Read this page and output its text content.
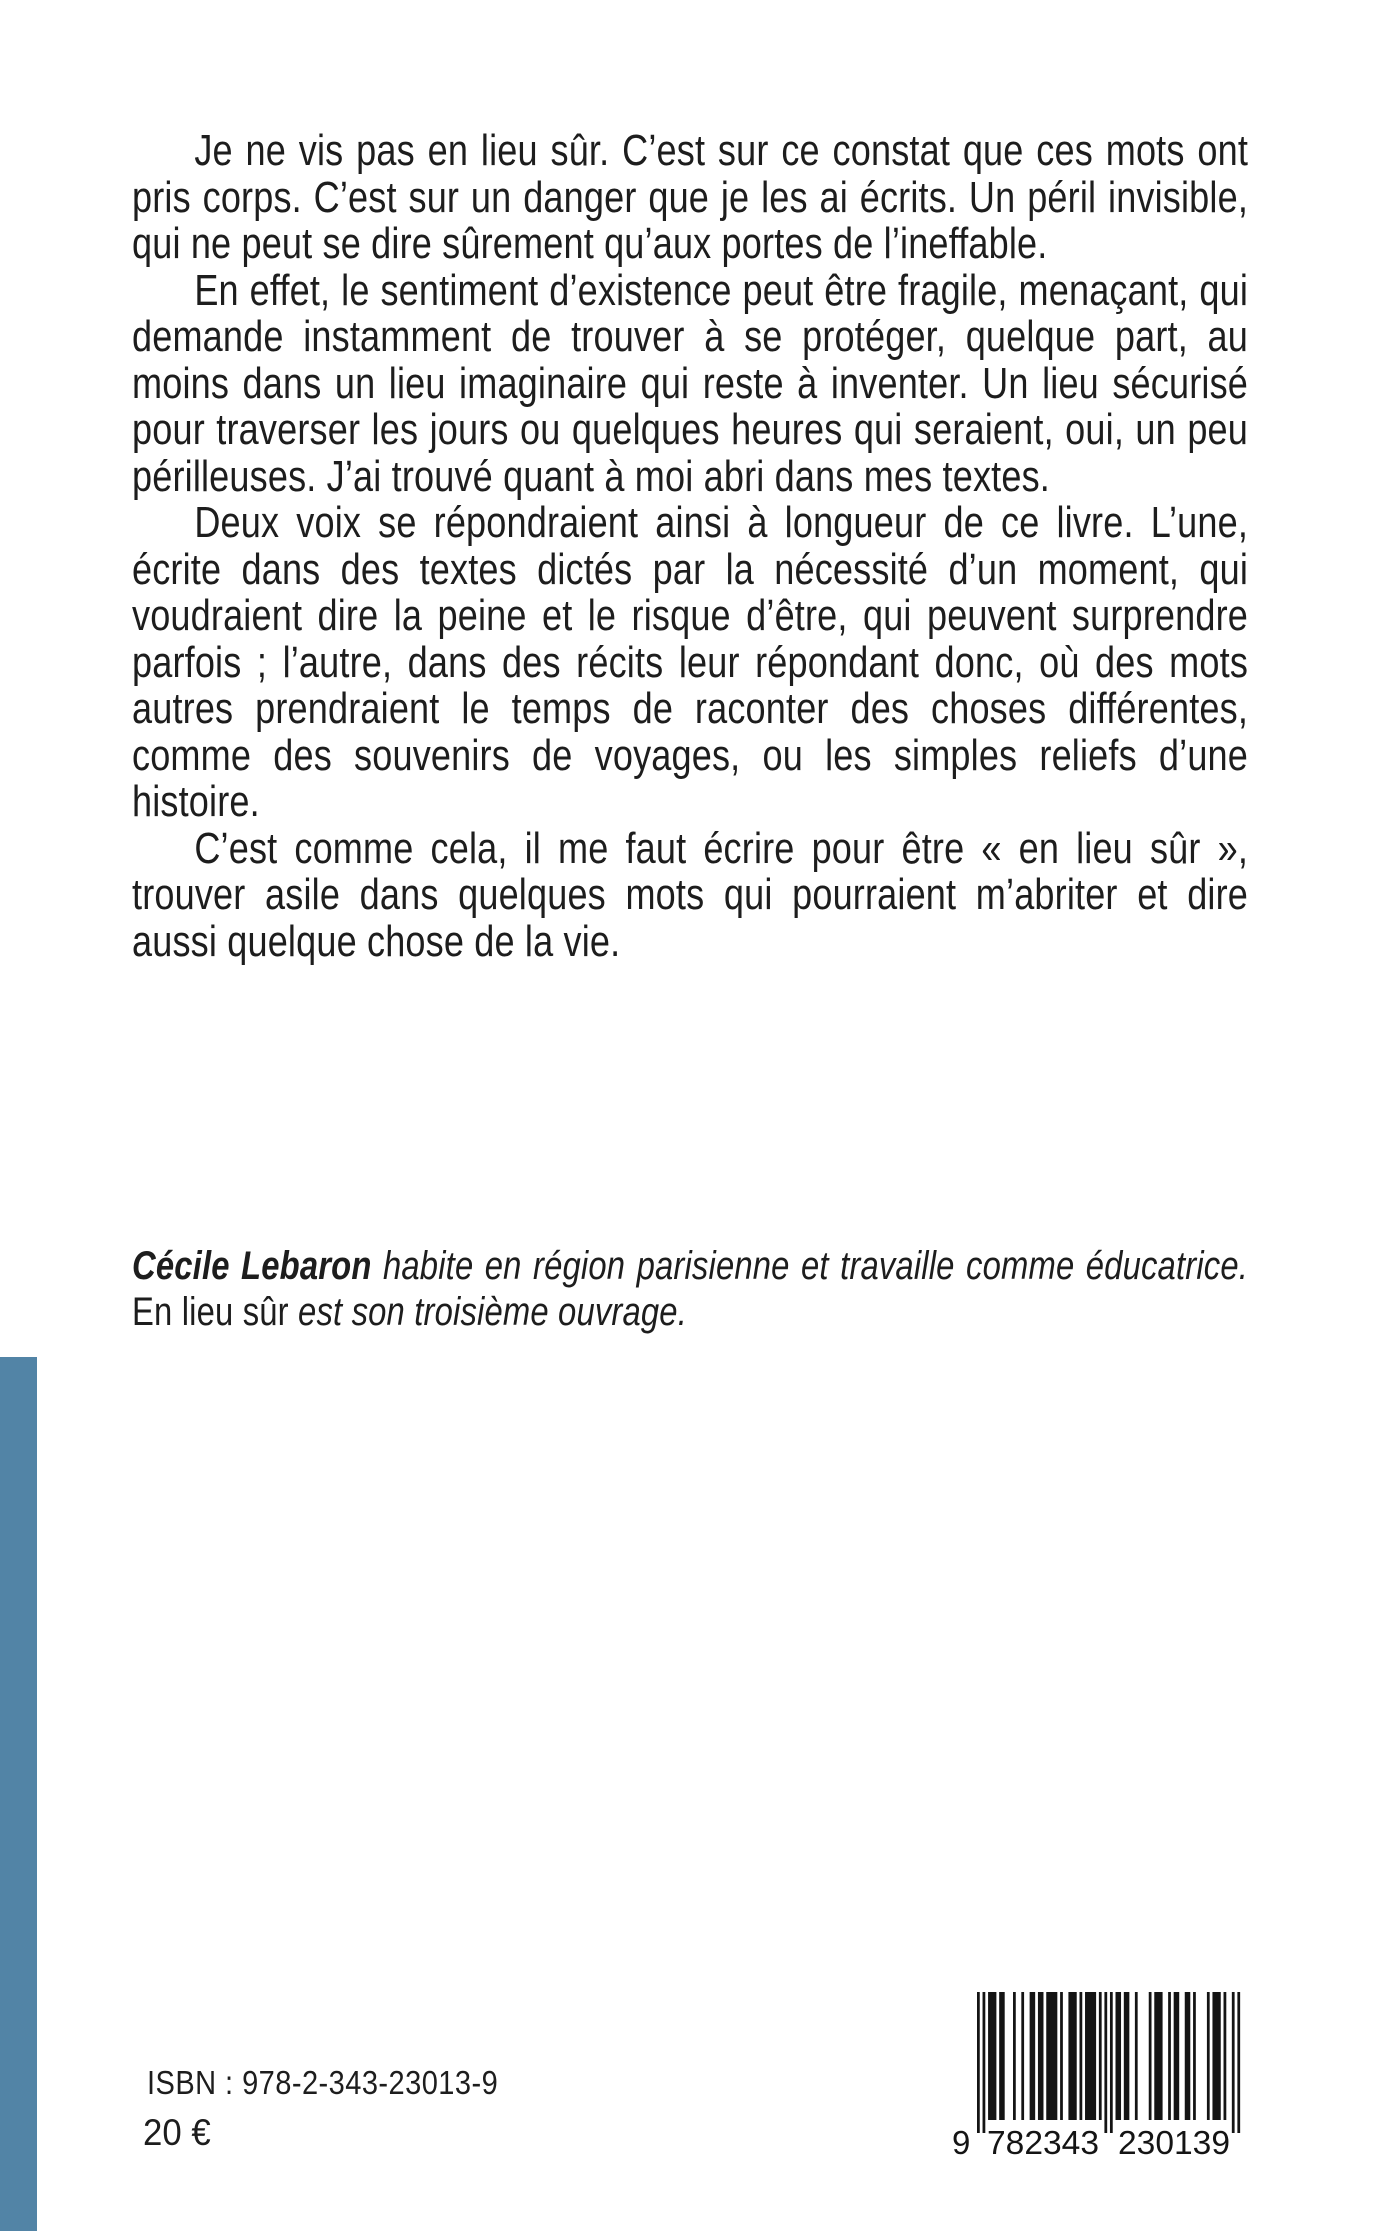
Je ne vis pas en lieu sûr. C’est sur ce constat que ces mots ont pris corps. C’est sur un danger que je les ai écrits. Un péril invisible, qui ne peut se dire sûrement qu’aux portes de l’ineffable.

En effet, le sentiment d’existence peut être fragile, menaçant, qui demande instamment de trouver à se protéger, quelque part, au moins dans un lieu imaginaire qui reste à inventer. Un lieu sécurisé pour traverser les jours ou quelques heures qui seraient, oui, un peu périlleuses. J’ai trouvé quant à moi abri dans mes textes.

Deux voix se répondraient ainsi à longueur de ce livre. L’une, écrite dans des textes dictés par la nécessité d’un moment, qui voudraient dire la peine et le risque d’être, qui peuvent surprendre parfois ; l’autre, dans des récits leur répondant donc, où des mots autres prendraient le temps de raconter des choses différentes, comme des souvenirs de voyages, ou les simples reliefs d’une histoire.

C’est comme cela, il me faut écrire pour être « en lieu sûr », trouver asile dans quelques mots qui pourraient m’abriter et dire aussi quelque chose de la vie.

Cécile Lebaron habite en région parisienne et travaille comme éducatrice. En lieu sûr est son troisième ouvrage.

ISBN : 978-2-343-23013-9
20 €	9 782343 230139
